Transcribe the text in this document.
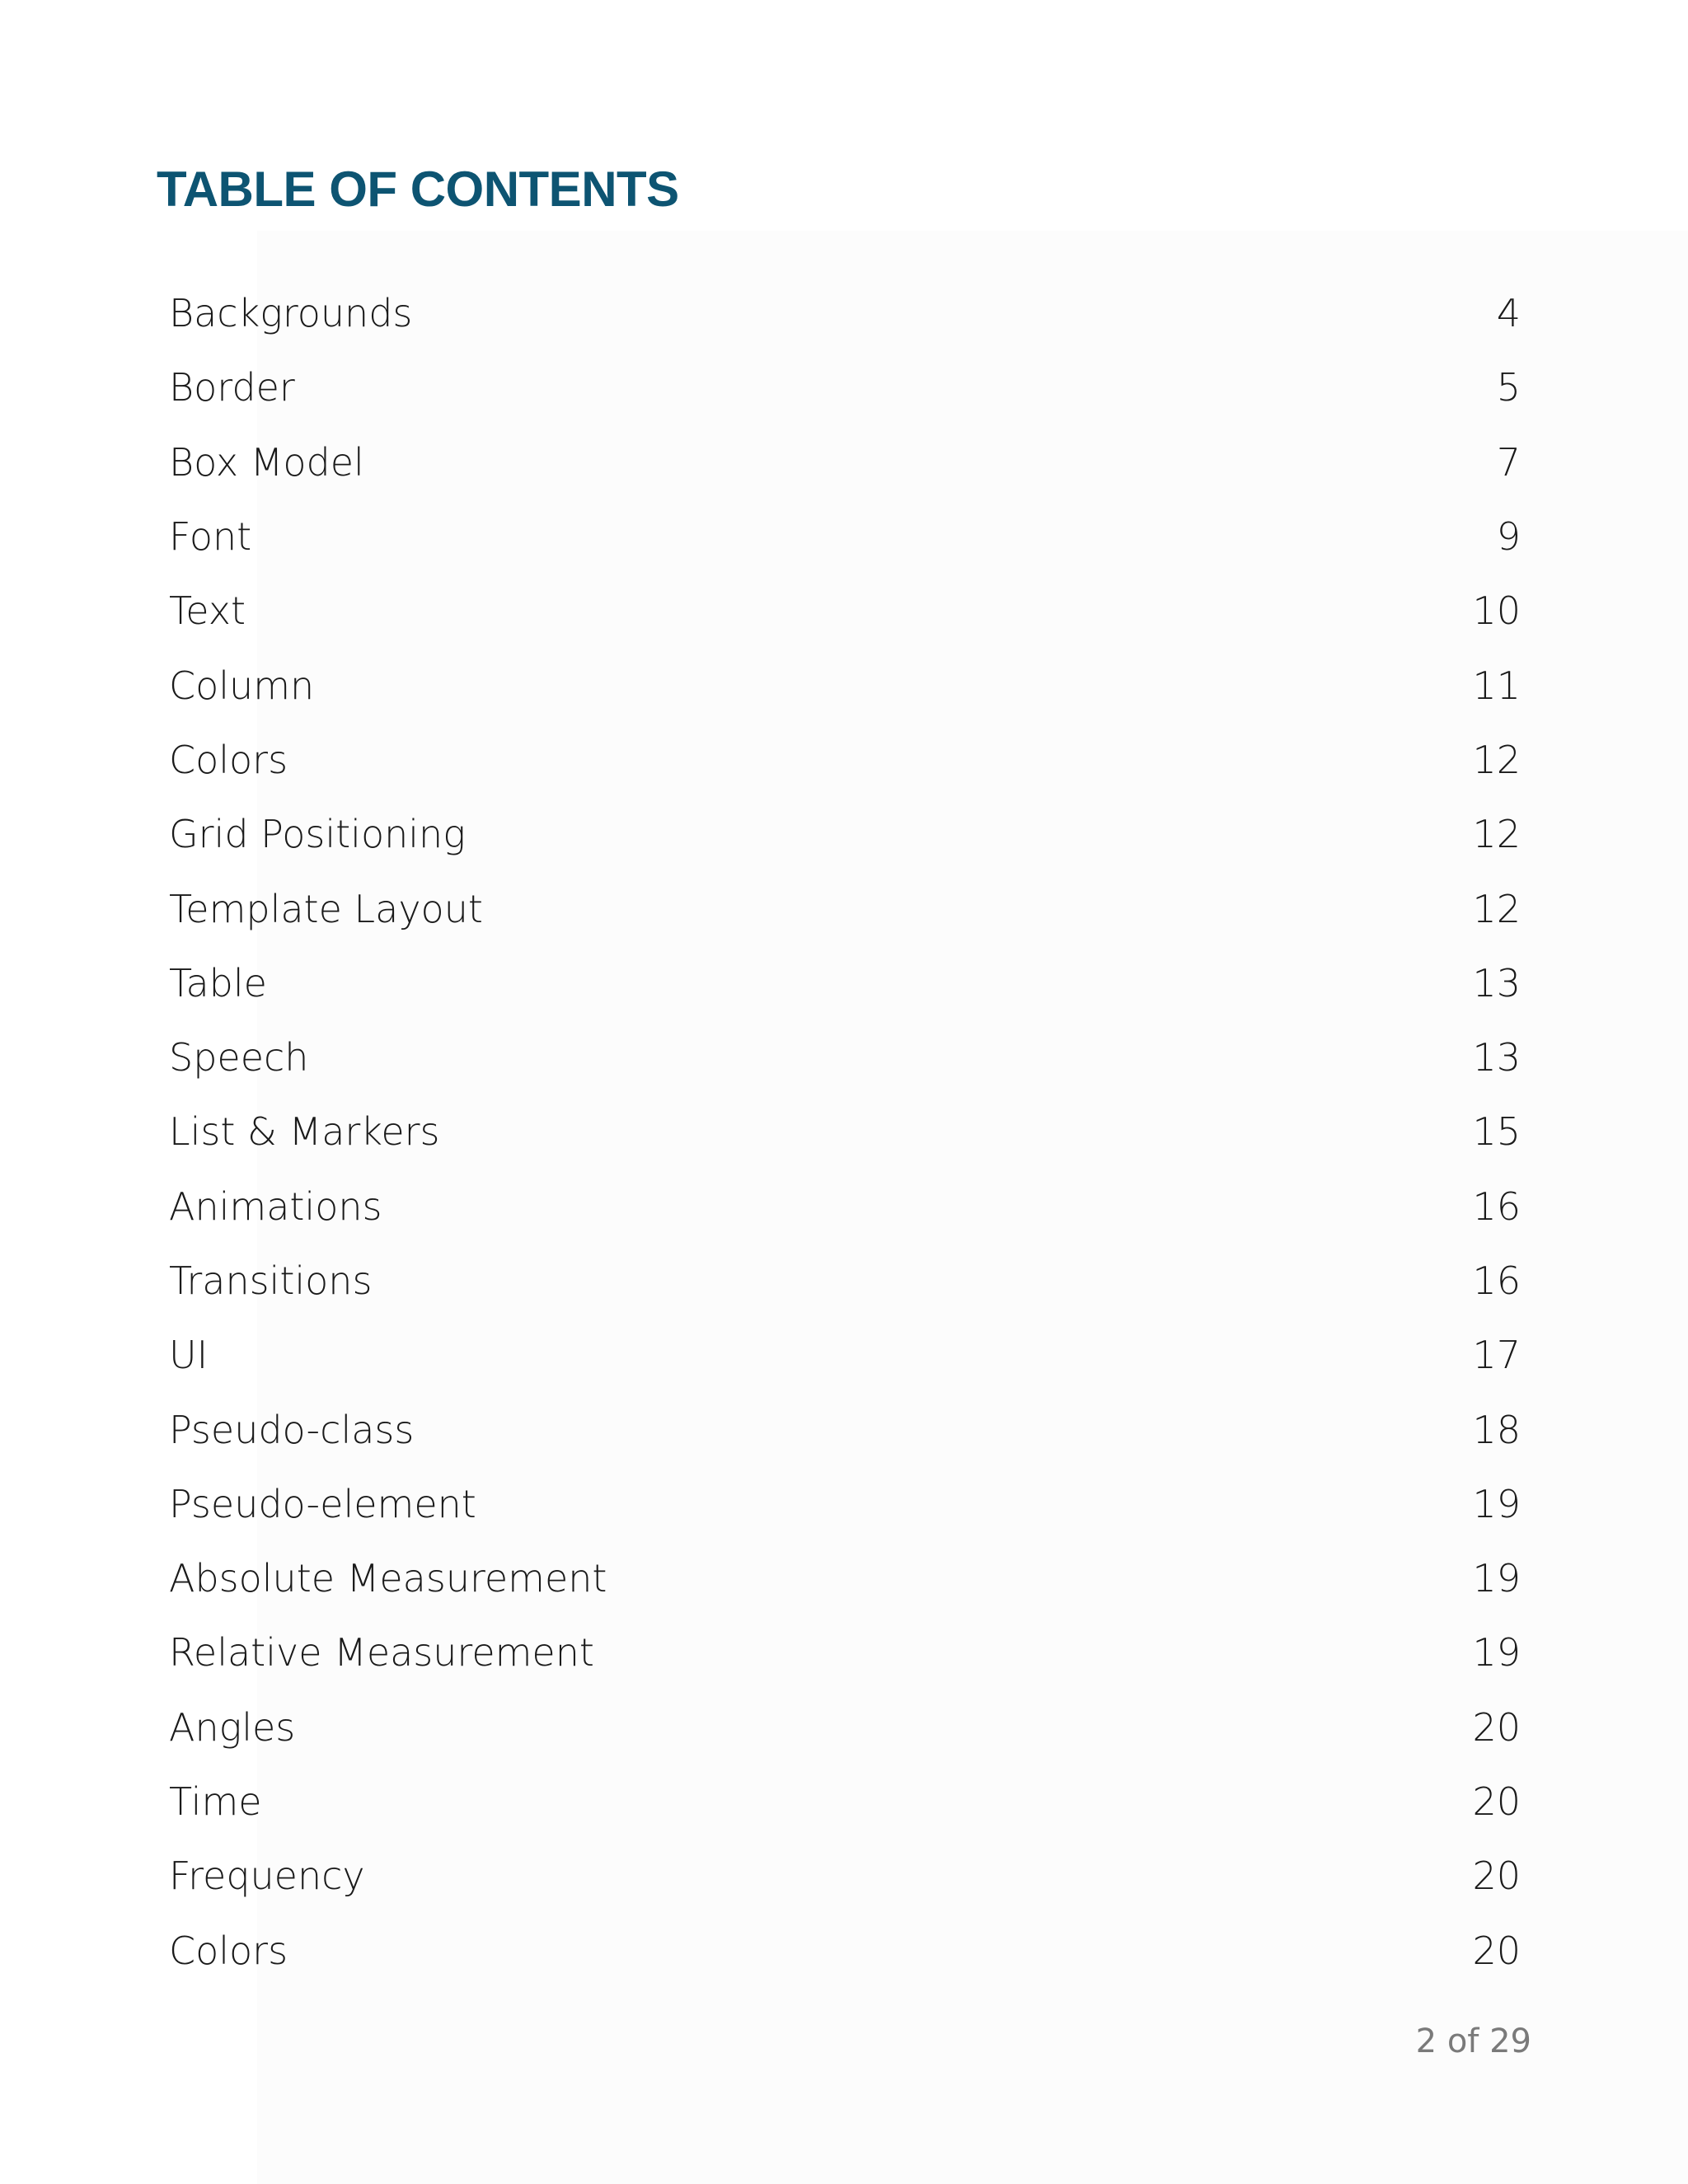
TABLE OF CONTENTS
Backgrounds	4
Border	5
Box Model	7
Font	9
Text	10
Column	11
Colors	12
Grid Positioning	12
Template Layout	12
Table	13
Speech	13
List & Markers	15
Animations	16
Transitions	16
UI	17
Pseudo-class	18
Pseudo-element	19
Absolute Measurement	19
Relative Measurement	19
Angles	20
Time	20
Frequency	20
Colors	20
2 of 29
